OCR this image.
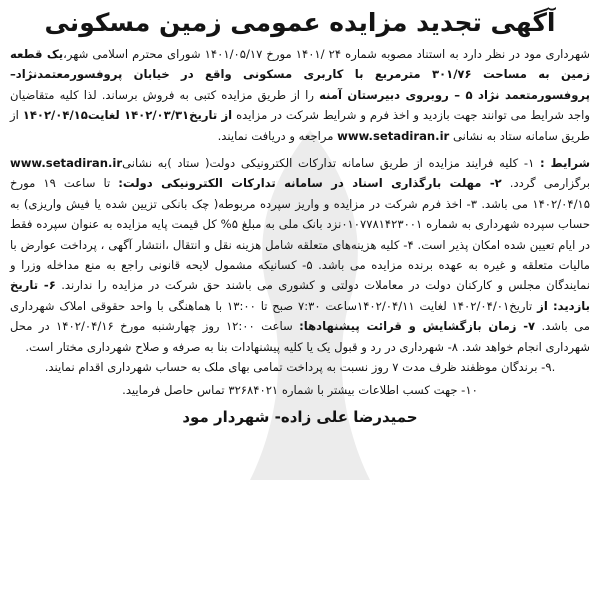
آگهی تجدید مزایده عمومی زمین مسکونی

شهرداری مود در نظر دارد به استناد مصوبه شماره ۲۴ /۱۴۰۱ مورخ ۱۴۰۱/۰۵/۱۷ شورای محترم اسلامی شهر،یک قطعه زمین به مساحت ۳۰۱/۷۶ مترمربع با کاربری مسکونی واقع در خیابان پروفسورمعتمدنژاد– پروفسورمتعمد نژاد ۵ – روبروی دبیرستان آمنه را از طریق مزایده کتبی به فروش برساند. لذا کلیه متقاضیان واجد شرایط می توانند جهت بازدید و اخذ فرم و شرایط شرکت در مزایده از تاریخ۱۴۰۲/۰۳/۳۱ لغایت۱۴۰۲/۰۴/۱۵ از طریق سامانه ستاد به نشانی www.setadiran.ir مراجعه و دریافت نمایند.

شرایط : ۱- کلیه فرایند مزایده از طریق سامانه تدارکات الکترونیکی دولت( ستاد )به نشانیwww.setadiran.ir برگزارمی گردد. ۲- مهلت بارگذاری اسناد در سامانه تدارکات الکترونیکی دولت: تا ساعت ۱۹ مورخ ۱۴۰۲/۰۴/۱۵ می باشد. ۳- اخذ فرم شرکت در مزایده و واریز سپرده مربوطه( چک بانکی تزیین شده یا فیش واریزی) به حساب سپرده شهرداری به شماره ۰۱۰۷۷۸۱۴۲۳۰۰۱نزد بانک ملی به مبلغ ۵% کل قیمت پایه مزایده به عنوان سپرده فقط در ایام تعیین شده امکان پذیر است. ۴- کلیه هزینه‌های متعلقه شامل هزینه نقل و انتقال ،انتشار آگهی ، پرداخت عوارض با مالیات متعلقه و غیره به عهده برنده مزایده می باشد. ۵- کسانیکه مشمول لایحه قانونی راجع به منع مداخله وزرا و نمایندگان مجلس و کارکنان دولت در معاملات دولتی و کشوری می باشند حق شرکت در مزایده را ندارند. ۶- تاریخ بازدید: از تاریخ۱۴۰۲/۰۴/۰۱ لغایت ۱۴۰۲/۰۴/۱۱ساعت ۷:۳۰ صبح تا ۱۳:۰۰ با هماهنگی با واحد حقوقی املاک شهرداری می باشد. ۷- زمان بازگشایش و قرائت پیشنهادها: ساعت ۱۲:۰۰ روز چهارشنبه مورخ ۱۴۰۲/۰۴/۱۶ در محل شهرداری انجام خواهد شد. ۸- شهرداری در رد و قبول یک یا کلیه پیشنهادات بنا به صرفه و صلاح شهرداری مختار است.

.۹- برندگان موظفند ظرف مدت ۷ روز نسبت به پرداخت تمامی بهای ملک به حساب شهرداری اقدام نمایند.

۱۰- جهت کسب اطلاعات بیشتر با شماره ۳۲۶۸۴۰۲۱ تماس حاصل فرمایید.

حمیدرضا علی زاده- شهردار مود
